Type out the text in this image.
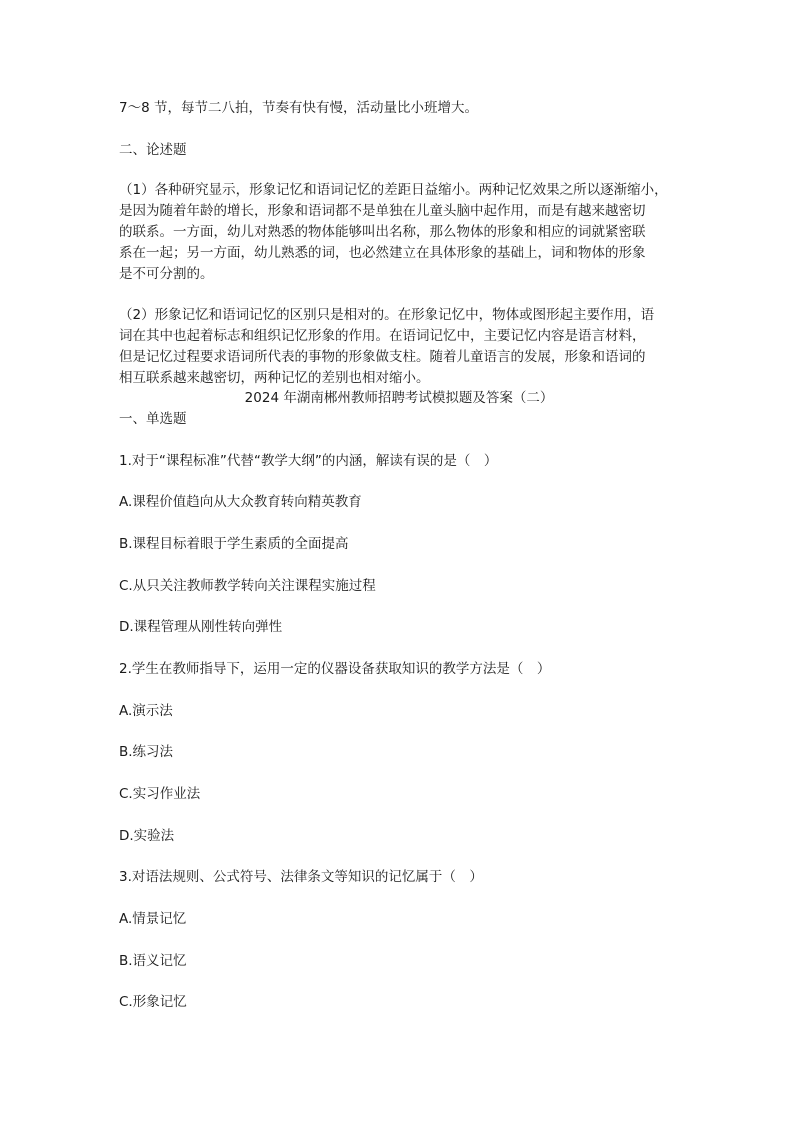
7～8 节，每节二八拍，节奏有快有慢，活动量比小班增大。
二、论述题
（1）各种研究显示，形象记忆和语词记忆的差距日益缩小。两种记忆效果之所以逐渐缩小，
是因为随着年龄的增长，形象和语词都不是单独在儿童头脑中起作用，而是有越来越密切
的联系。一方面，幼儿对熟悉的物体能够叫出名称，那么物体的形象和相应的词就紧密联
系在一起；另一方面，幼儿熟悉的词，也必然建立在具体形象的基础上，词和物体的形象
是不可分割的。
（2）形象记忆和语词记忆的区别只是相对的。在形象记忆中，物体或图形起主要作用，语
词在其中也起着标志和组织记忆形象的作用。在语词记忆中，主要记忆内容是语言材料，
但是记忆过程要求语词所代表的事物的形象做支柱。随着儿童语言的发展，形象和语词的
相互联系越来越密切，两种记忆的差别也相对缩小。
2024 年湖南郴州教师招聘考试模拟题及答案（二）
一、单选题
1.对于“课程标准”代替“教学大纲”的内涵，解读有误的是（　）
A.课程价值趋向从大众教育转向精英教育
B.课程目标着眼于学生素质的全面提高
C.从只关注教师教学转向关注课程实施过程
D.课程管理从刚性转向弹性
2.学生在教师指导下，运用一定的仪器设备获取知识的教学方法是（　）
A.演示法
B.练习法
C.实习作业法
D.实验法
3.对语法规则、公式符号、法律条文等知识的记忆属于（　）
A.情景记忆
B.语义记忆
C.形象记忆
